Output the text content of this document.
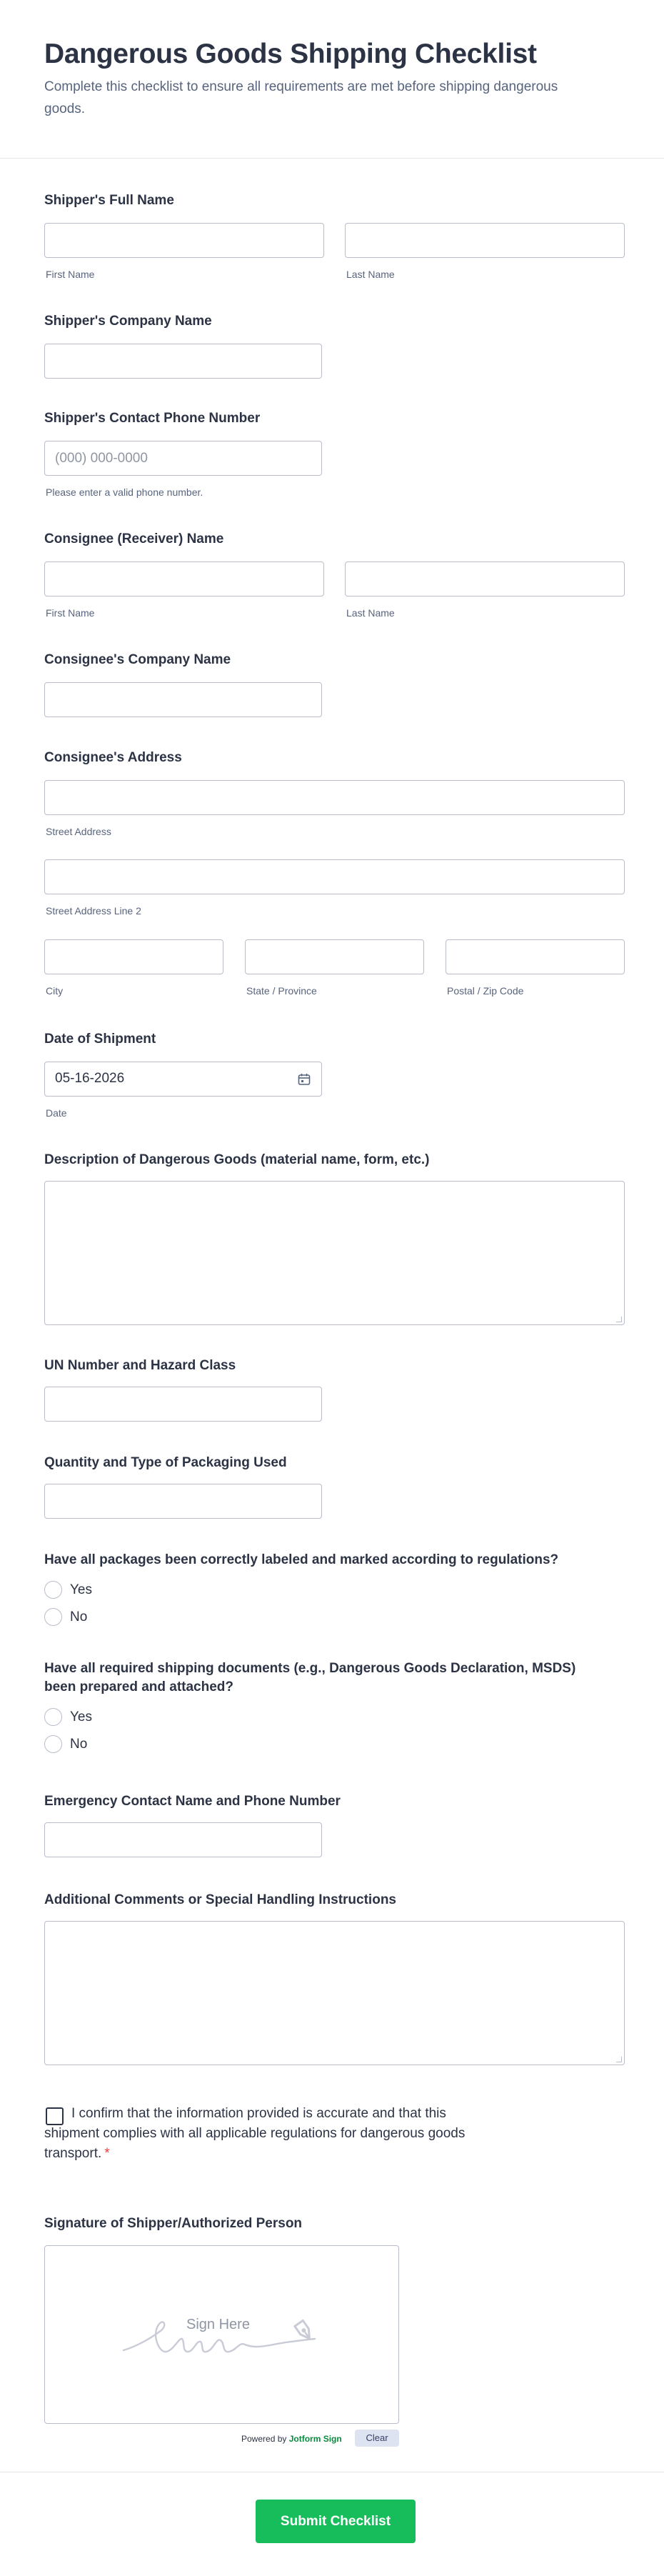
Dangerous Goods Shipping Checklist

Complete this checklist to ensure all requirements are met before shipping dangerous goods.

Shipper's Full Name
First Name	Last Name
Shipper's Company Name
Shipper's Contact Phone Number
(000) 000-0000
Please enter a valid phone number.
Consignee (Receiver) Name
First Name	Last Name
Consignee's Company Name
Consignee's Address
Street Address
Street Address Line 2
City	State / Province	Postal / Zip Code
Date of Shipment
05-16-2026
Date
Description of Dangerous Goods (material name, form, etc.)
UN Number and Hazard Class
Quantity and Type of Packaging Used
Have all packages been correctly labeled and marked according to regulations?
Yes
No
Have all required shipping documents (e.g., Dangerous Goods Declaration, MSDS)
been prepared and attached?
Yes
No
Emergency Contact Name and Phone Number
Additional Comments or Special Handling Instructions
I confirm that the information provided is accurate and that this
shipment complies with all applicable regulations for dangerous goods
transport. *
Signature of Shipper/Authorized Person
Sign Here
Powered by Jotform Sign	Clear
Submit Checklist
